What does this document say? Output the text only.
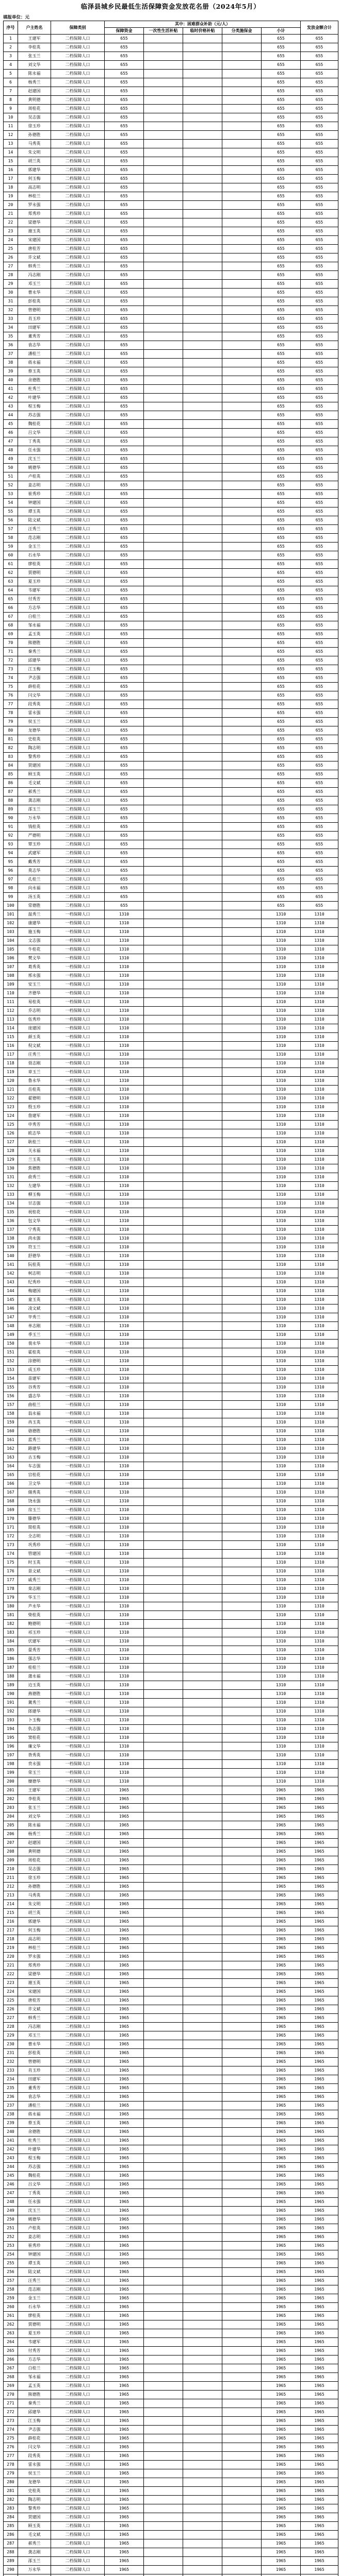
临泽县城乡民最低生活保障资金发放花名册（2024年5月）
填报单位：元
序号	户主姓名	保障类别	其中：困难群众补助（元/人）					发放金额合计
			保障资金	一次性生活补贴	临时价格补贴	分类施保金	小计	
1	王建军	二档保障人口	655				655	655
2	李桂英	二档保障人口	655				655	655
3	张玉兰	二档保障人口	655				655	655
4	刘文华	二档保障人口	655				655	655
5	陈永福	二档保障人口	655				655	655
6	杨秀兰	二档保障人口	655				655	655
7	赵建国	二档保障人口	655				655	655
8	黄明德	二档保障人口	655				655	655
9	周桂花	二档保障人口	655				655	655
10	吴志强	二档保障人口	655				655	655
11	徐玉珍	二档保障人口	655				655	655
12	孙德胜	二档保障人口	655				655	655
13	马秀英	二档保障人口	655				655	655
14	朱文明	二档保障人口	655				655	655
15	胡兰英	二档保障人口	655				655	655
16	郭建华	二档保障人口	655				655	655
17	何玉梅	二档保障人口	655				655	655
18	高志明	二档保障人口	655				655	655
19	林桂兰	二档保障人口	655				655	655
20	罗永强	二档保障人口	655				655	655
21	郑秀珍	二档保障人口	655				655	655
22	梁德华	二档保障人口	655				655	655
23	谢玉英	二档保障人口	655				655	655
24	宋建国	二档保障人口	655				655	655
25	唐桂芳	二档保障人口	655				655	655
26	许文斌	二档保障人口	655				655	655
27	韩秀兰	二档保障人口	655				655	655
28	冯志刚	二档保障人口	655				655	655
29	邓玉兰	二档保障人口	655				655	655
30	曹永华	二档保障人口	655				655	655
31	彭桂英	二档保障人口	655				655	655
32	曾德明	二档保障人口	655				655	655
33	肖玉珍	二档保障人口	655				655	655
34	田建军	二档保障人口	655				655	655
35	董秀芳	二档保障人口	655				655	655
36	袁志华	二档保障人口	655				655	655
37	潘桂兰	二档保障人口	655				655	655
38	蒋永福	二档保障人口	655				655	655
39	蔡玉英	二档保障人口	655				655	655
40	余德胜	二档保障人口	655				655	655
41	杜秀兰	二档保障人口	655				655	655
42	叶建华	二档保障人口	655				655	655
43	程玉梅	二档保障人口	655				655	655
44	苏志强	二档保障人口	655				655	655
45	魏桂花	二档保障人口	655				655	655
46	吕文华	二档保障人口	655				655	655
47	丁秀英	二档保障人口	655				655	655
48	任永强	二档保障人口	655				655	655
49	沈玉兰	二档保障人口	655				655	655
50	姚德华	二档保障人口	655				655	655
51	卢桂英	二档保障人口	655				655	655
52	姜志明	二档保障人口	655				655	655
53	崔秀珍	二档保障人口	655				655	655
54	钟建国	二档保障人口	655				655	655
55	谭玉英	二档保障人口	655				655	655
56	陆文斌	二档保障人口	655				655	655
57	汪秀兰	二档保障人口	655				655	655
58	范志刚	二档保障人口	655				655	655
59	金玉兰	二档保障人口	655				655	655
60	石永华	二档保障人口	655				655	655
61	廖桂英	二档保障人口	655				655	655
62	贾德明	二档保障人口	655				655	655
63	夏玉珍	二档保障人口	655				655	655
64	韦建军	二档保障人口	655				655	655
65	付秀芳	二档保障人口	655				655	655
66	方志华	二档保障人口	655				655	655
67	白桂兰	二档保障人口	655				655	655
68	邹永福	二档保障人口	655				655	655
69	孟玉英	二档保障人口	655				655	655
70	熊德胜	二档保障人口	655				655	655
71	秦秀兰	二档保障人口	655				655	655
72	邱建华	二档保障人口	655				655	655
73	江玉梅	二档保障人口	655				655	655
74	尹志强	二档保障人口	655				655	655
75	薛桂花	二档保障人口	655				655	655
76	闫文华	二档保障人口	655				655	655
77	段秀英	二档保障人口	655				655	655
78	雷永强	二档保障人口	655				655	655
79	侯玉兰	二档保障人口	655				655	655
80	龙德华	二档保障人口	655				655	655
81	史桂英	二档保障人口	655				655	655
82	陶志明	二档保障人口	655				655	655
83	黎秀珍	二档保障人口	655				655	655
84	贺建国	二档保障人口	655				655	655
85	顾玉英	二档保障人口	655				655	655
86	毛文斌	二档保障人口	655				655	655
87	郝秀兰	二档保障人口	655				655	655
88	龚志刚	二档保障人口	655				655	655
89	邵玉兰	二档保障人口	655				655	655
90	万永华	二档保障人口	655				655	655
91	钱桂英	二档保障人口	655				655	655
92	严德明	二档保障人口	655				655	655
93	覃玉珍	二档保障人口	655				655	655
94	武建军	二档保障人口	655				655	655
95	戴秀芳	二档保障人口	655				655	655
96	莫志华	二档保障人口	655				655	655
97	孔桂兰	二档保障人口	655				655	655
98	向永福	二档保障人口	655				655	655
99	汤玉英	二档保障人口	655				655	655
100	常德胜	二档保障人口	655				655	655
101	温秀兰	一档保障人口	1310				1310	1310
102	康建华	一档保障人口	1310				1310	1310
103	施玉梅	一档保障人口	1310				1310	1310
104	文志强	一档保障人口	1310				1310	1310
105	牛桂花	一档保障人口	1310				1310	1310
106	樊文华	一档保障人口	1310				1310	1310
107	葛秀英	一档保障人口	1310				1310	1310
108	邢永强	一档保障人口	1310				1310	1310
109	安玉兰	一档保障人口	1310				1310	1310
110	齐德华	一档保障人口	1310				1310	1310
111	易桂英	一档保障人口	1310				1310	1310
112	乔志明	一档保障人口	1310				1310	1310
113	伍秀珍	一档保障人口	1310				1310	1310
114	庞建国	一档保障人口	1310				1310	1310
115	颜玉英	一档保障人口	1310				1310	1310
116	倪文斌	一档保障人口	1310				1310	1310
117	庄秀兰	一档保障人口	1310				1310	1310
118	聂志刚	一档保障人口	1310				1310	1310
119	章玉兰	一档保障人口	1310				1310	1310
120	鲁永华	一档保障人口	1310				1310	1310
121	岳桂英	一档保障人口	1310				1310	1310
122	翟德明	一档保障人口	1310				1310	1310
123	殷玉珍	一档保障人口	1310				1310	1310
124	詹建军	一档保障人口	1310				1310	1310
125	申秀芳	一档保障人口	1310				1310	1310
126	欧志华	一档保障人口	1310				1310	1310
127	耿桂兰	一档保障人口	1310				1310	1310
128	关永福	一档保障人口	1310				1310	1310
129	兰玉英	一档保障人口	1310				1310	1310
130	焦德胜	一档保障人口	1310				1310	1310
131	俞秀兰	一档保障人口	1310				1310	1310
132	左建华	一档保障人口	1310				1310	1310
133	柳玉梅	一档保障人口	1310				1310	1310
134	甘志强	一档保障人口	1310				1310	1310
135	祝桂花	一档保障人口	1310				1310	1310
136	包文华	一档保障人口	1310				1310	1310
137	宁秀英	一档保障人口	1310				1310	1310
138	尚永强	一档保障人口	1310				1310	1310
139	符玉兰	一档保障人口	1310				1310	1310
140	舒德华	一档保障人口	1310				1310	1310
141	阮桂英	一档保障人口	1310				1310	1310
142	柯志明	一档保障人口	1310				1310	1310
143	纪秀珍	一档保障人口	1310				1310	1310
144	梅建国	一档保障人口	1310				1310	1310
145	童玉英	一档保障人口	1310				1310	1310
146	凌文斌	一档保障人口	1310				1310	1310
147	毕秀兰	一档保障人口	1310				1310	1310
148	单志刚	一档保障人口	1310				1310	1310
149	季玉兰	一档保障人口	1310				1310	1310
150	裴永华	一档保障人口	1310				1310	1310
151	霍桂英	一档保障人口	1310				1310	1310
152	涂德明	一档保障人口	1310				1310	1310
153	成玉珍	一档保障人口	1310				1310	1310
154	苗建军	一档保障人口	1310				1310	1310
155	谷秀芳	一档保障人口	1310				1310	1310
156	盛志华	一档保障人口	1310				1310	1310
157	曲桂兰	一档保障人口	1310				1310	1310
158	翁永福	一档保障人口	1310				1310	1310
159	冉玉英	一档保障人口	1310				1310	1310
160	骆德胜	一档保障人口	1310				1310	1310
161	蓝秀兰	一档保障人口	1310				1310	1310
162	路建华	一档保障人口	1310				1310	1310
163	古玉梅	一档保障人口	1310				1310	1310
164	车志强	一档保障人口	1310				1310	1310
165	宫桂花	一档保障人口	1310				1310	1310
166	卫文华	一档保障人口	1310				1310	1310
167	储秀英	一档保障人口	1310				1310	1310
168	饶永强	一档保障人口	1310				1310	1310
169	房玉兰	一档保障人口	1310				1310	1310
170	滕德华	一档保障人口	1310				1310	1310
171	简桂英	一档保障人口	1310				1310	1310
172	全志明	一档保障人口	1310				1310	1310
173	巩秀珍	一档保障人口	1310				1310	1310
174	管建国	一档保障人口	1310				1310	1310
175	时玉英	一档保障人口	1310				1310	1310
176	景文斌	一档保障人口	1310				1310	1310
177	戚秀兰	一档保障人口	1310				1310	1310
178	栾志刚	一档保障人口	1310				1310	1310
179	华玉兰	一档保障人口	1310				1310	1310
180	芦永华	一档保障人口	1310				1310	1310
181	柴桂英	一档保障人口	1310				1310	1310
182	鲍德明	一档保障人口	1310				1310	1310
183	祁玉珍	一档保障人口	1310				1310	1310
184	伏建军	一档保障人口	1310				1310	1310
185	晏秀芳	一档保障人口	1310				1310	1310
186	强志华	一档保障人口	1310				1310	1310
187	桂桂兰	一档保障人口	1310				1310	1310
188	蒲永福	一档保障人口	1310				1310	1310
189	边玉英	一档保障人口	1310				1310	1310
190	燕德胜	一档保障人口	1310				1310	1310
191	冀秀兰	一档保障人口	1310				1310	1310
192	郎建华	一档保障人口	1310				1310	1310
193	卜玉梅	一档保障人口	1310				1310	1310
194	仇志强	一档保障人口	1310				1310	1310
195	窦桂花	一档保障人口	1310				1310	1310
196	廉文华	一档保障人口	1310				1310	1310
197	昝秀英	一档保障人口	1310				1310	1310
198	贲永强	一档保障人口	1310				1310	1310
199	荣玉兰	一档保障人口	1310				1310	1310
200	糜德华	一档保障人口	1310				1310	1310
201	王建军	二档保障人口	1965				1965	1965
202	李桂英	二档保障人口	1965				1965	1965
203	张玉兰	二档保障人口	1965				1965	1965
204	刘文华	二档保障人口	1965				1965	1965
205	陈永福	二档保障人口	1965				1965	1965
206	杨秀兰	二档保障人口	1965				1965	1965
207	赵建国	二档保障人口	1965				1965	1965
208	黄明德	二档保障人口	1965				1965	1965
209	周桂花	二档保障人口	1965				1965	1965
210	吴志强	二档保障人口	1965				1965	1965
211	徐玉珍	二档保障人口	1965				1965	1965
212	孙德胜	二档保障人口	1965				1965	1965
213	马秀英	二档保障人口	1965				1965	1965
214	朱文明	二档保障人口	1965				1965	1965
215	胡兰英	二档保障人口	1965				1965	1965
216	郭建华	二档保障人口	1965				1965	1965
217	何玉梅	二档保障人口	1965				1965	1965
218	高志明	二档保障人口	1965				1965	1965
219	林桂兰	二档保障人口	1965				1965	1965
220	罗永强	二档保障人口	1965				1965	1965
221	郑秀珍	二档保障人口	1965				1965	1965
222	梁德华	二档保障人口	1965				1965	1965
223	谢玉英	二档保障人口	1965				1965	1965
224	宋建国	二档保障人口	1965				1965	1965
225	唐桂芳	二档保障人口	1965				1965	1965
226	许文斌	二档保障人口	1965				1965	1965
227	韩秀兰	二档保障人口	1965				1965	1965
228	冯志刚	二档保障人口	1965				1965	1965
229	邓玉兰	二档保障人口	1965				1965	1965
230	曹永华	二档保障人口	1965				1965	1965
231	彭桂英	二档保障人口	1965				1965	1965
232	曾德明	二档保障人口	1965				1965	1965
233	肖玉珍	二档保障人口	1965				1965	1965
234	田建军	二档保障人口	1965				1965	1965
235	董秀芳	二档保障人口	1965				1965	1965
236	袁志华	二档保障人口	1965				1965	1965
237	潘桂兰	二档保障人口	1965				1965	1965
238	蒋永福	二档保障人口	1965				1965	1965
239	蔡玉英	二档保障人口	1965				1965	1965
240	余德胜	二档保障人口	1965				1965	1965
241	杜秀兰	二档保障人口	1965				1965	1965
242	叶建华	二档保障人口	1965				1965	1965
243	程玉梅	二档保障人口	1965				1965	1965
244	苏志强	二档保障人口	1965				1965	1965
245	魏桂花	二档保障人口	1965				1965	1965
246	吕文华	二档保障人口	1965				1965	1965
247	丁秀英	二档保障人口	1965				1965	1965
248	任永强	二档保障人口	1965				1965	1965
249	沈玉兰	二档保障人口	1965				1965	1965
250	姚德华	二档保障人口	1965				1965	1965
251	卢桂英	二档保障人口	1965				1965	1965
252	姜志明	二档保障人口	1965				1965	1965
253	崔秀珍	二档保障人口	1965				1965	1965
254	钟建国	二档保障人口	1965				1965	1965
255	谭玉英	二档保障人口	1965				1965	1965
256	陆文斌	二档保障人口	1965				1965	1965
257	汪秀兰	二档保障人口	1965				1965	1965
258	范志刚	二档保障人口	1965				1965	1965
259	金玉兰	二档保障人口	1965				1965	1965
260	石永华	二档保障人口	1965				1965	1965
261	廖桂英	二档保障人口	1965				1965	1965
262	贾德明	二档保障人口	1965				1965	1965
263	夏玉珍	二档保障人口	1965				1965	1965
264	韦建军	二档保障人口	1965				1965	1965
265	付秀芳	二档保障人口	1965				1965	1965
266	方志华	二档保障人口	1965				1965	1965
267	白桂兰	二档保障人口	1965				1965	1965
268	邹永福	二档保障人口	1965				1965	1965
269	孟玉英	二档保障人口	1965				1965	1965
270	熊德胜	二档保障人口	1965				1965	1965
271	秦秀兰	二档保障人口	1965				1965	1965
272	邱建华	二档保障人口	1965				1965	1965
273	江玉梅	二档保障人口	1965				1965	1965
274	尹志强	二档保障人口	1965				1965	1965
275	薛桂花	二档保障人口	1965				1965	1965
276	闫文华	二档保障人口	1965				1965	1965
277	段秀英	二档保障人口	1965				1965	1965
278	雷永强	二档保障人口	1965				1965	1965
279	侯玉兰	二档保障人口	1965				1965	1965
280	龙德华	二档保障人口	1965				1965	1965
281	史桂英	二档保障人口	1965				1965	1965
282	陶志明	二档保障人口	1965				1965	1965
283	黎秀珍	二档保障人口	1965				1965	1965
284	贺建国	二档保障人口	1965				1965	1965
285	顾玉英	二档保障人口	1965				1965	1965
286	毛文斌	二档保障人口	1965				1965	1965
287	郝秀兰	二档保障人口	1965				1965	1965
288	龚志刚	二档保障人口	1965				1965	1965
289	邵玉兰	二档保障人口	1965				1965	1965
290	万永华	二档保障人口	1965				1965	1965
